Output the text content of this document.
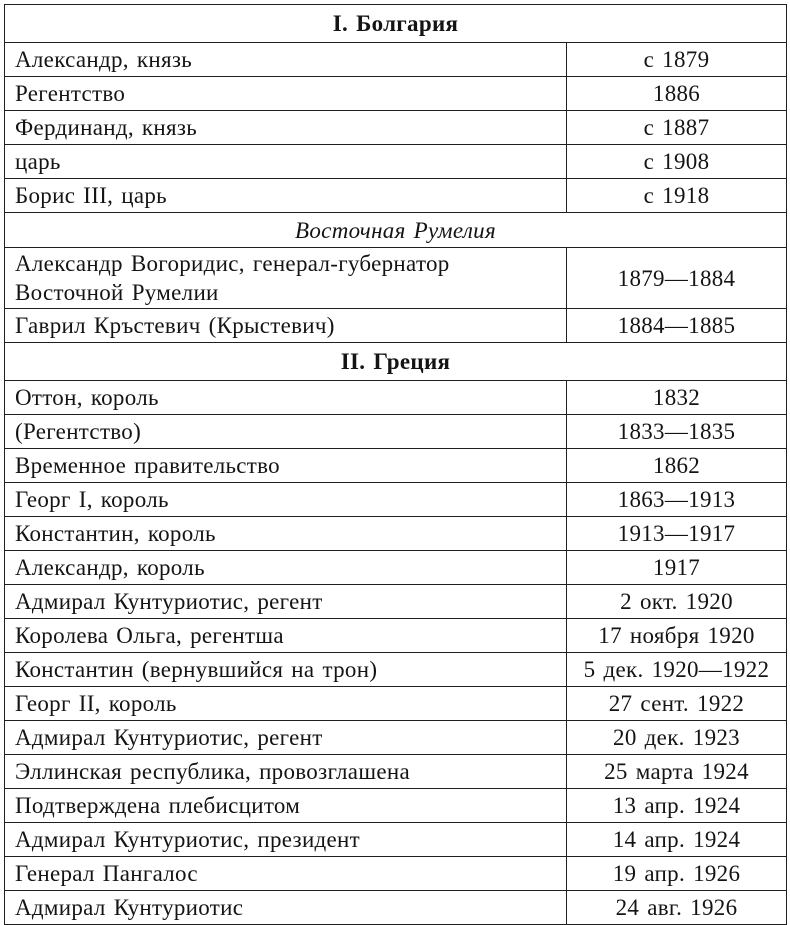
I. Болгария	
Александр, князь	с 1879
Регентство	1886
Фердинанд, князь	с 1887
царь	с 1908
Борис III, царь	с 1918
Восточная Румелия	
Александр Вогоридис, генерал-губернатор Восточной Румелии	1879—1884
Гаврил Кръстевич (Крыстевич)	1884—1885
II. Греция	
Оттон, король	1832
(Регентство)	1833—1835
Временное правительство	1862
Георг I, король	1863—1913
Константин, король	1913—1917
Александр, король	1917
Адмирал Кунтуриотис, регент	2 окт. 1920
Королева Ольга, регентша	17 ноября 1920
Константин (вернувшийся на трон)	5 дек. 1920—1922
Георг II, король	27 сент. 1922
Адмирал Кунтуриотис, регент	20 дек. 1923
Эллинская республика, провозглашена	25 марта 1924
Подтверждена плебисцитом	13 апр. 1924
Адмирал Кунтуриотис, президент	14 апр. 1924
Генерал Пангалос	19 апр. 1926
Адмирал Кунтуриотис	24 авг. 1926
